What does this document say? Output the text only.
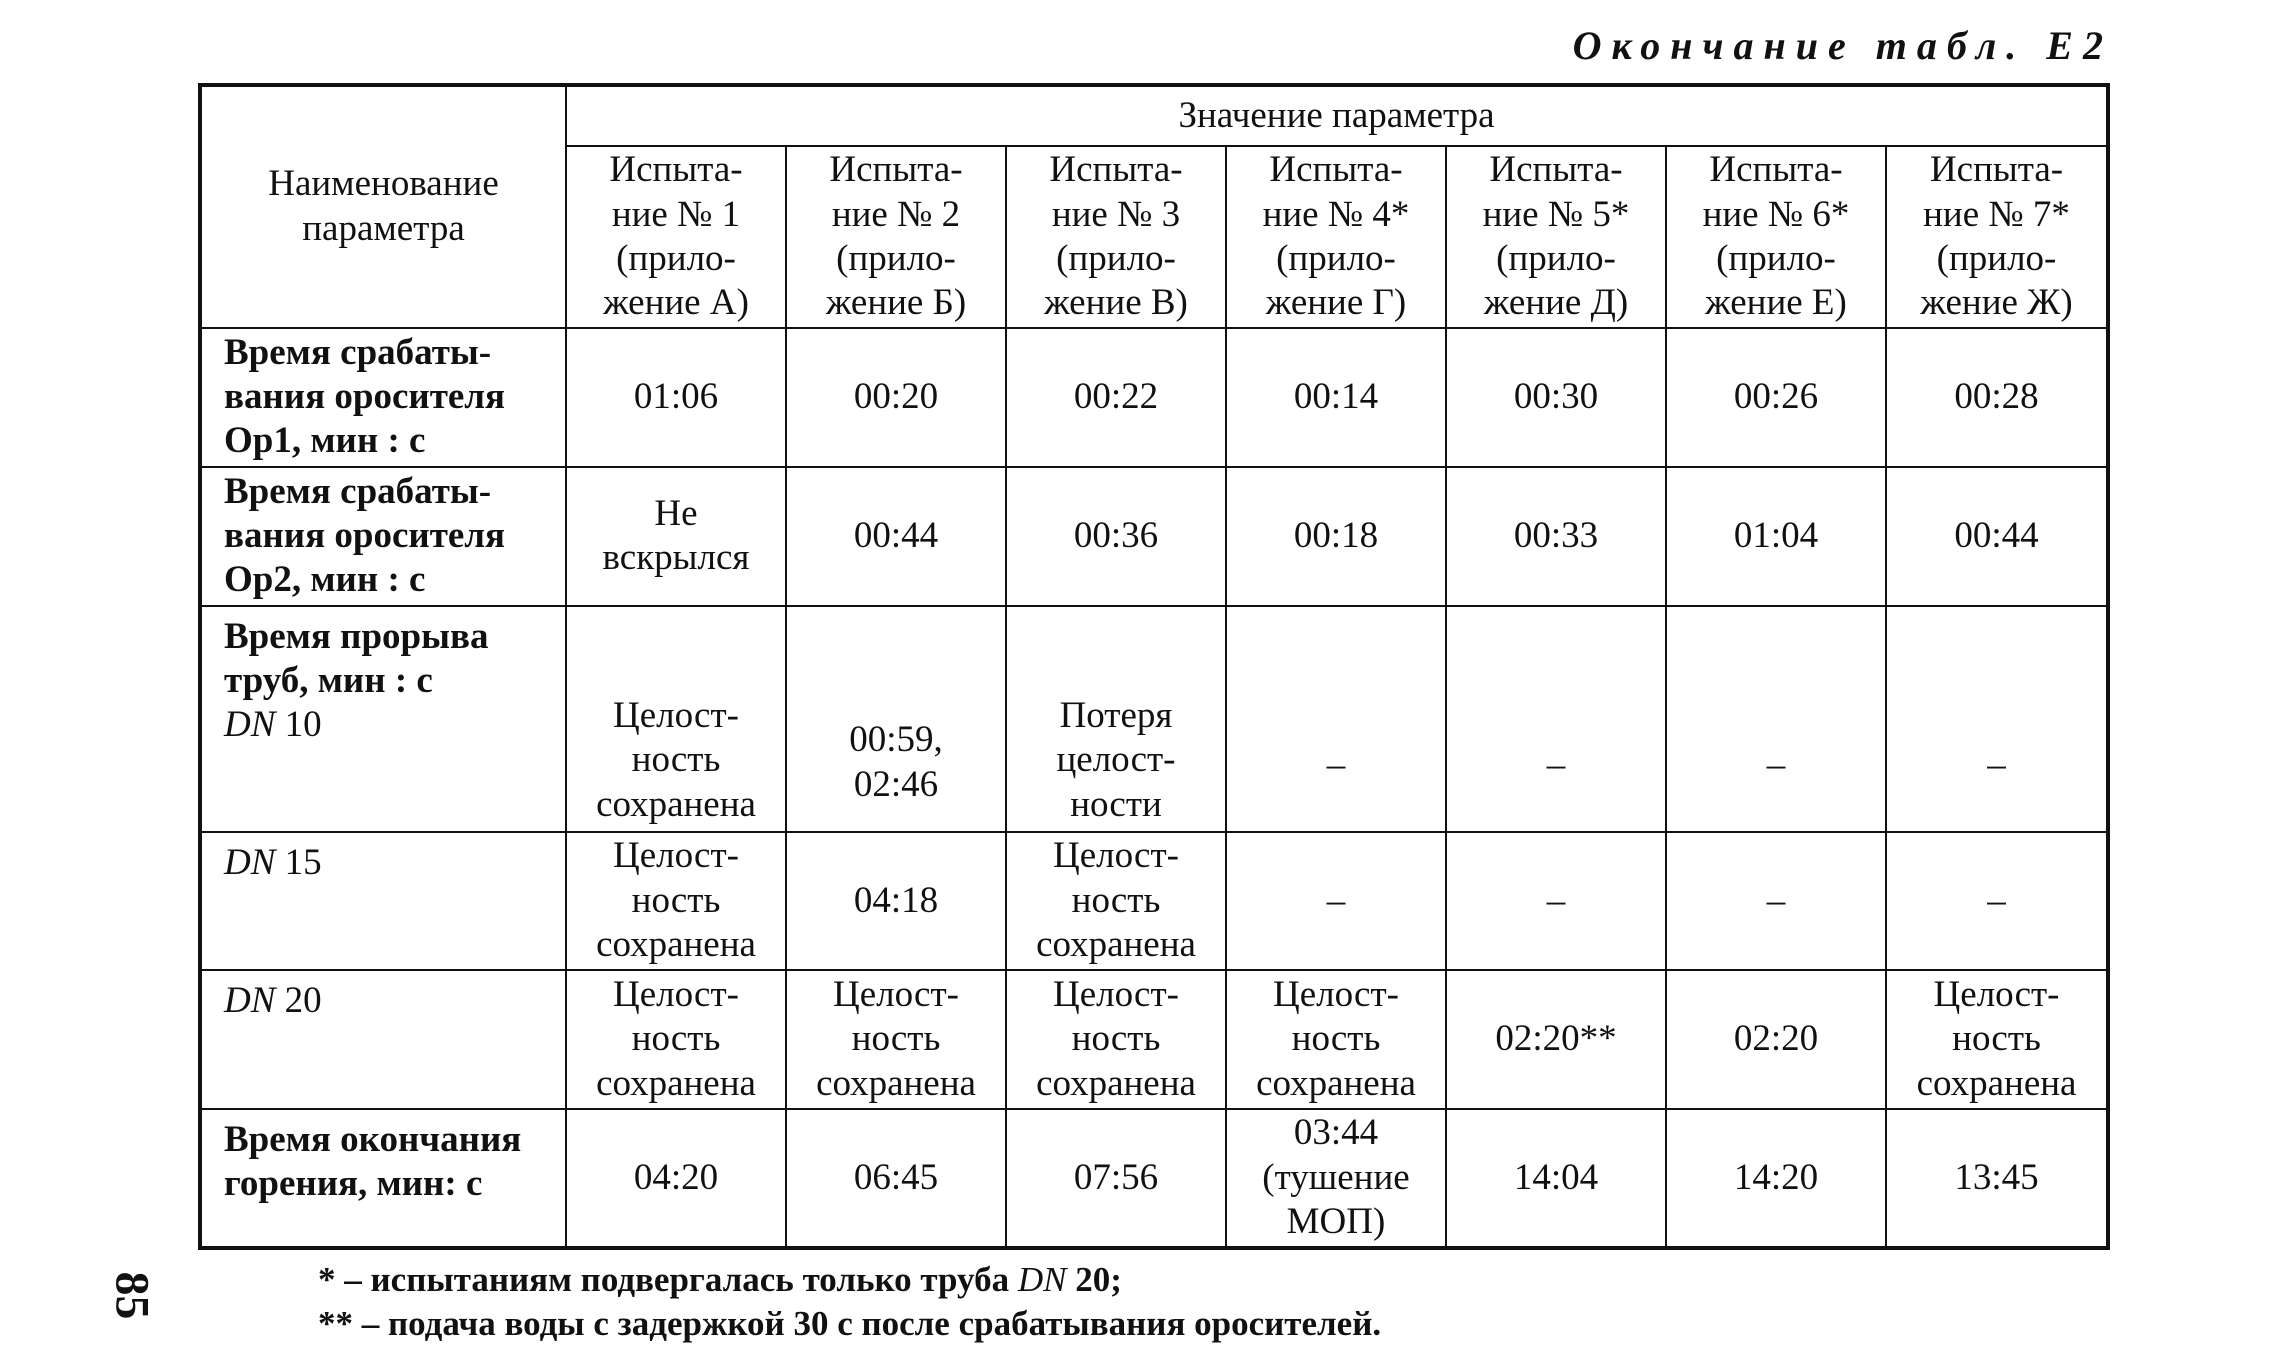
Окончание табл. Е2
Наименование параметра	Значение параметра						

	Испыта-
ние № 1
(прило-
жение А)	Испыта-
ние № 2
(прило-
жение Б)	Испыта-
ние № 3
(прило-
жение В)	Испыта-
ние № 4*
(прило-
жение Г)	Испыта-
ние № 5*
(прило-
жение Д)	Испыта-
ние № 6*
(прило-
жение Е)	Испыта-
ние № 7*
(прило-
жение Ж)

Время срабаты-
вания оросителя
Ор1, мин : с	01:06	00:20	00:22	00:14	00:30	00:26	00:28

Время срабаты-
вания оросителя
Ор2, мин : с	Не
вскрылся	00:44	00:36	00:18	00:33	01:04	00:44

Время прорыва
труб, мин : с
DN 10	Целост-
ность
сохранена	00:59,
02:46	Потеря
целост-
ности	–	–	–	–
DN 15	Целост-
ность
сохранена	04:18	Целост-
ность
сохранена	–	–	–	–
DN 20	Целост-
ность
сохранена	Целост-
ность
сохранена	Целост-
ность
сохранена	Целост-
ность
сохранена	02:20**	02:20	Целост-
ность
сохранена

Время окончания
горения, мин: с	04:20	06:45	07:56	03:44
(тушение
МОП)	14:04	14:20	13:45
* – испытаниям подвергалась только труба DN 20;
** – подача воды с задержкой 30 с после срабатывания оросителей.
85
